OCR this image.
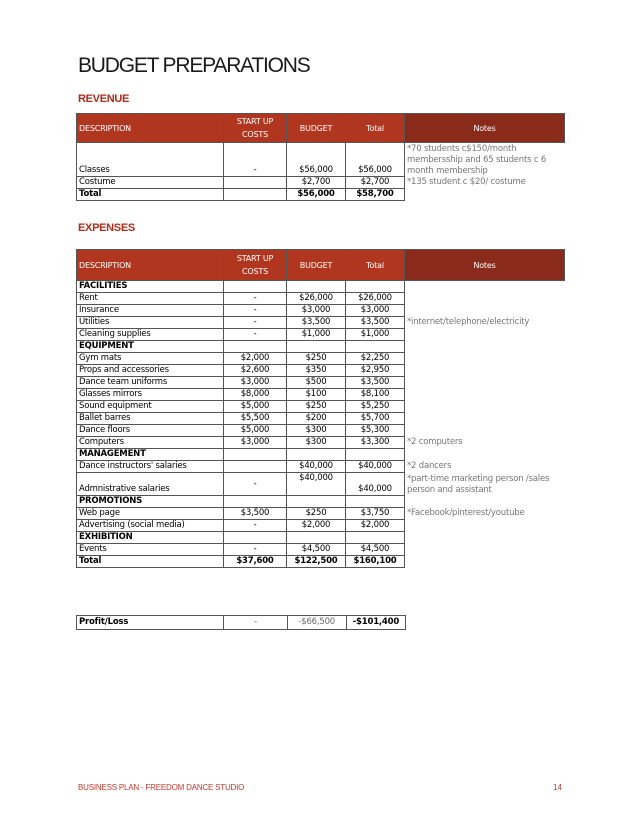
BUDGET PREPARATIONS
REVENUE
DESCRIPTION	START UP COSTS	BUDGET	Total	Notes
Classes	-	$56,000	$56,000	*70 students c$150/month membersship and 65 students c 6 month membership
Costume		$2,700	$2,700	*135 student c $20/ costume
Total		$56,000	$58,700	
EXPENSES
DESCRIPTION	START UP COSTS	BUDGET	Total	Notes
FACILITIES				
Rent	-	$26,000	$26,000	
Insurance	-	$3,000	$3,000	
Utilities	-	$3,500	$3,500	*internet/telephone/electricity
Cleaning supplies	-	$1,000	$1,000	
EQUIPMENT				
Gym mats	$2,000	$250	$2,250	
Props and accessories	$2,600	$350	$2,950	
Dance team uniforms	$3,000	$500	$3,500	
Glasses mirrors	$8,000	$100	$8,100	
Sound equipment	$5,000	$250	$5,250	
Ballet barres	$5,500	$200	$5,700	
Dance floors	$5,000	$300	$5,300	
Computers	$3,000	$300	$3,300	*2 computers
MANAGEMENT				
Dance instructors' salaries		$40,000	$40,000	*2 dancers
Admnistrative salaries	-	$40,000	$40,000	*part-time marketing person /sales person and assistant
PROMOTIONS				
Web page	$3,500	$250	$3,750	*Facebook/pinterest/youtube
Advertising (social media)	-	$2,000	$2,000	
EXHIBITION				
Events	-	$4,500	$4,500	
Total	$37,600	$122,500	$160,100	
Profit/Loss	-	-$66,500	-$101,400
BUSINESS PLAN - FREEDOM DANCE STUDIO	14
